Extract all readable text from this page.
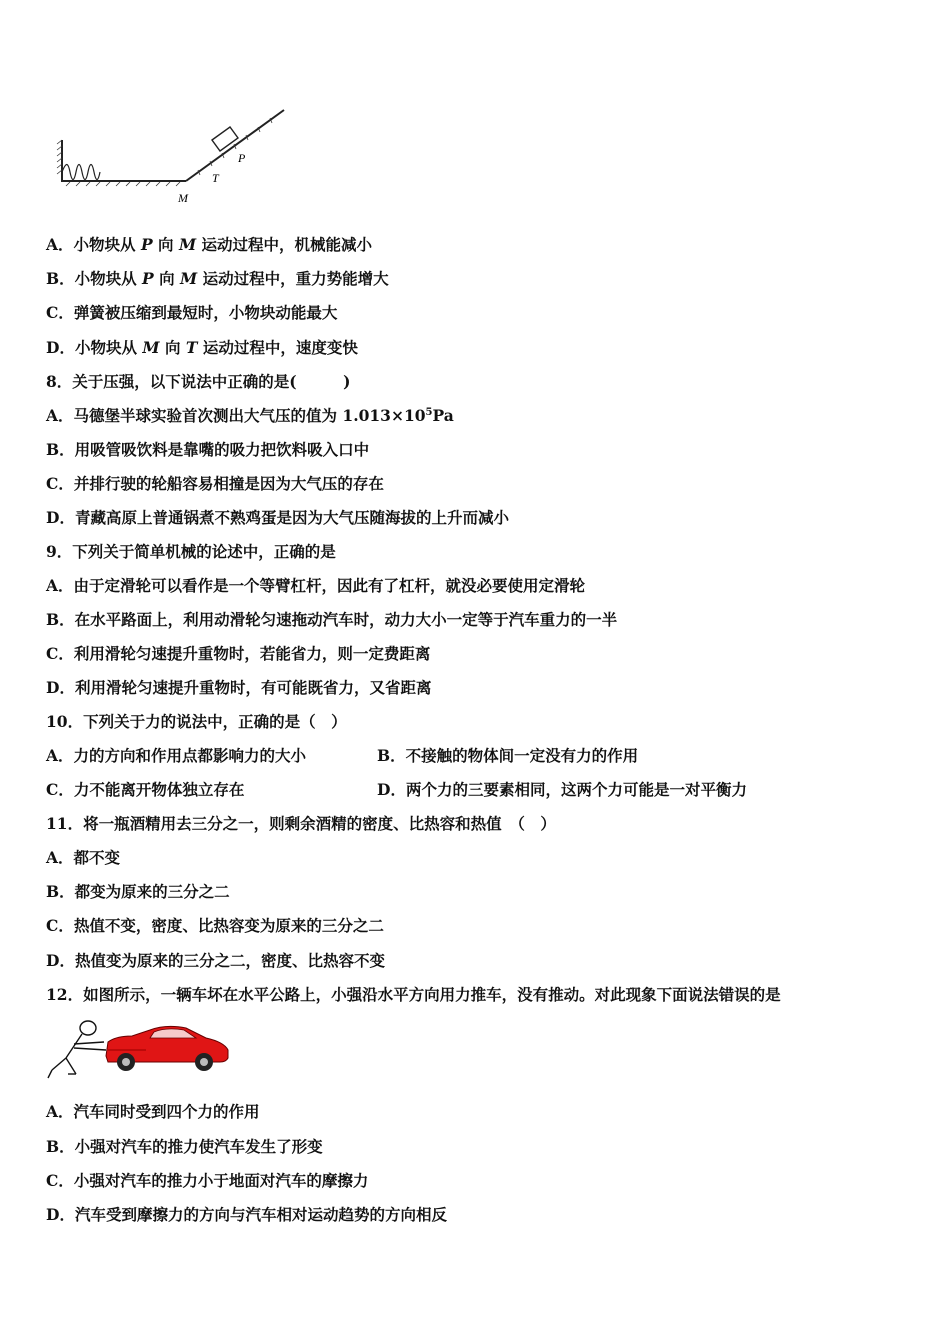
P
T
M
A．小物块从 P 向 M 运动过程中，机械能减小
B．小物块从 P 向 M 运动过程中，重力势能增大
C．弹簧被压缩到最短时，小物块动能最大
D．小物块从 M 向 T 运动过程中，速度变快
8．关于压强，以下说法中正确的是(　　　)
A．马德堡半球实验首次测出大气压的值为 $1.013\times 10^5Pa$
B．用吸管吸饮料是靠嘴的吸力把饮料吸入口中
C．并排行驶的轮船容易相撞是因为大气压的存在
D．青藏高原上普通锅煮不熟鸡蛋是因为大气压随海拔的上升而减小
9．下列关于简单机械的论述中，正确的是
A．由于定滑轮可以看作是一个等臂杠杆，因此有了杠杆，就没必要使用定滑轮
B．在水平路面上，利用动滑轮匀速拖动汽车时，动力大小一定等于汽车重力的一半
C．利用滑轮匀速提升重物时，若能省力，则一定费距离
D．利用滑轮匀速提升重物时，有可能既省力，又省距离
10．下列关于力的说法中，正确的是（　）
A．力的方向和作用点都影响力的大小	B．不接触的物体间一定没有力的作用
C．力不能离开物体独立存在	D．两个力的三要素相同，这两个力可能是一对平衡力
11．将一瓶酒精用去三分之一，则剩余酒精的密度、比热容和热值　（　）
A．都不变
B．都变为原来的三分之二
C．热值不变，密度、比热容变为原来的三分之二
D．热值变为原来的三分之二，密度、比热容不变
12．如图所示，一辆车坏在水平公路上，小强沿水平方向用力推车，没有推动。对此现象下面说法错误的是
A．汽车同时受到四个力的作用
B．小强对汽车的推力使汽车发生了形变
C．小强对汽车的推力小于地面对汽车的摩擦力
D．汽车受到摩擦力的方向与汽车相对运动趋势的方向相反
